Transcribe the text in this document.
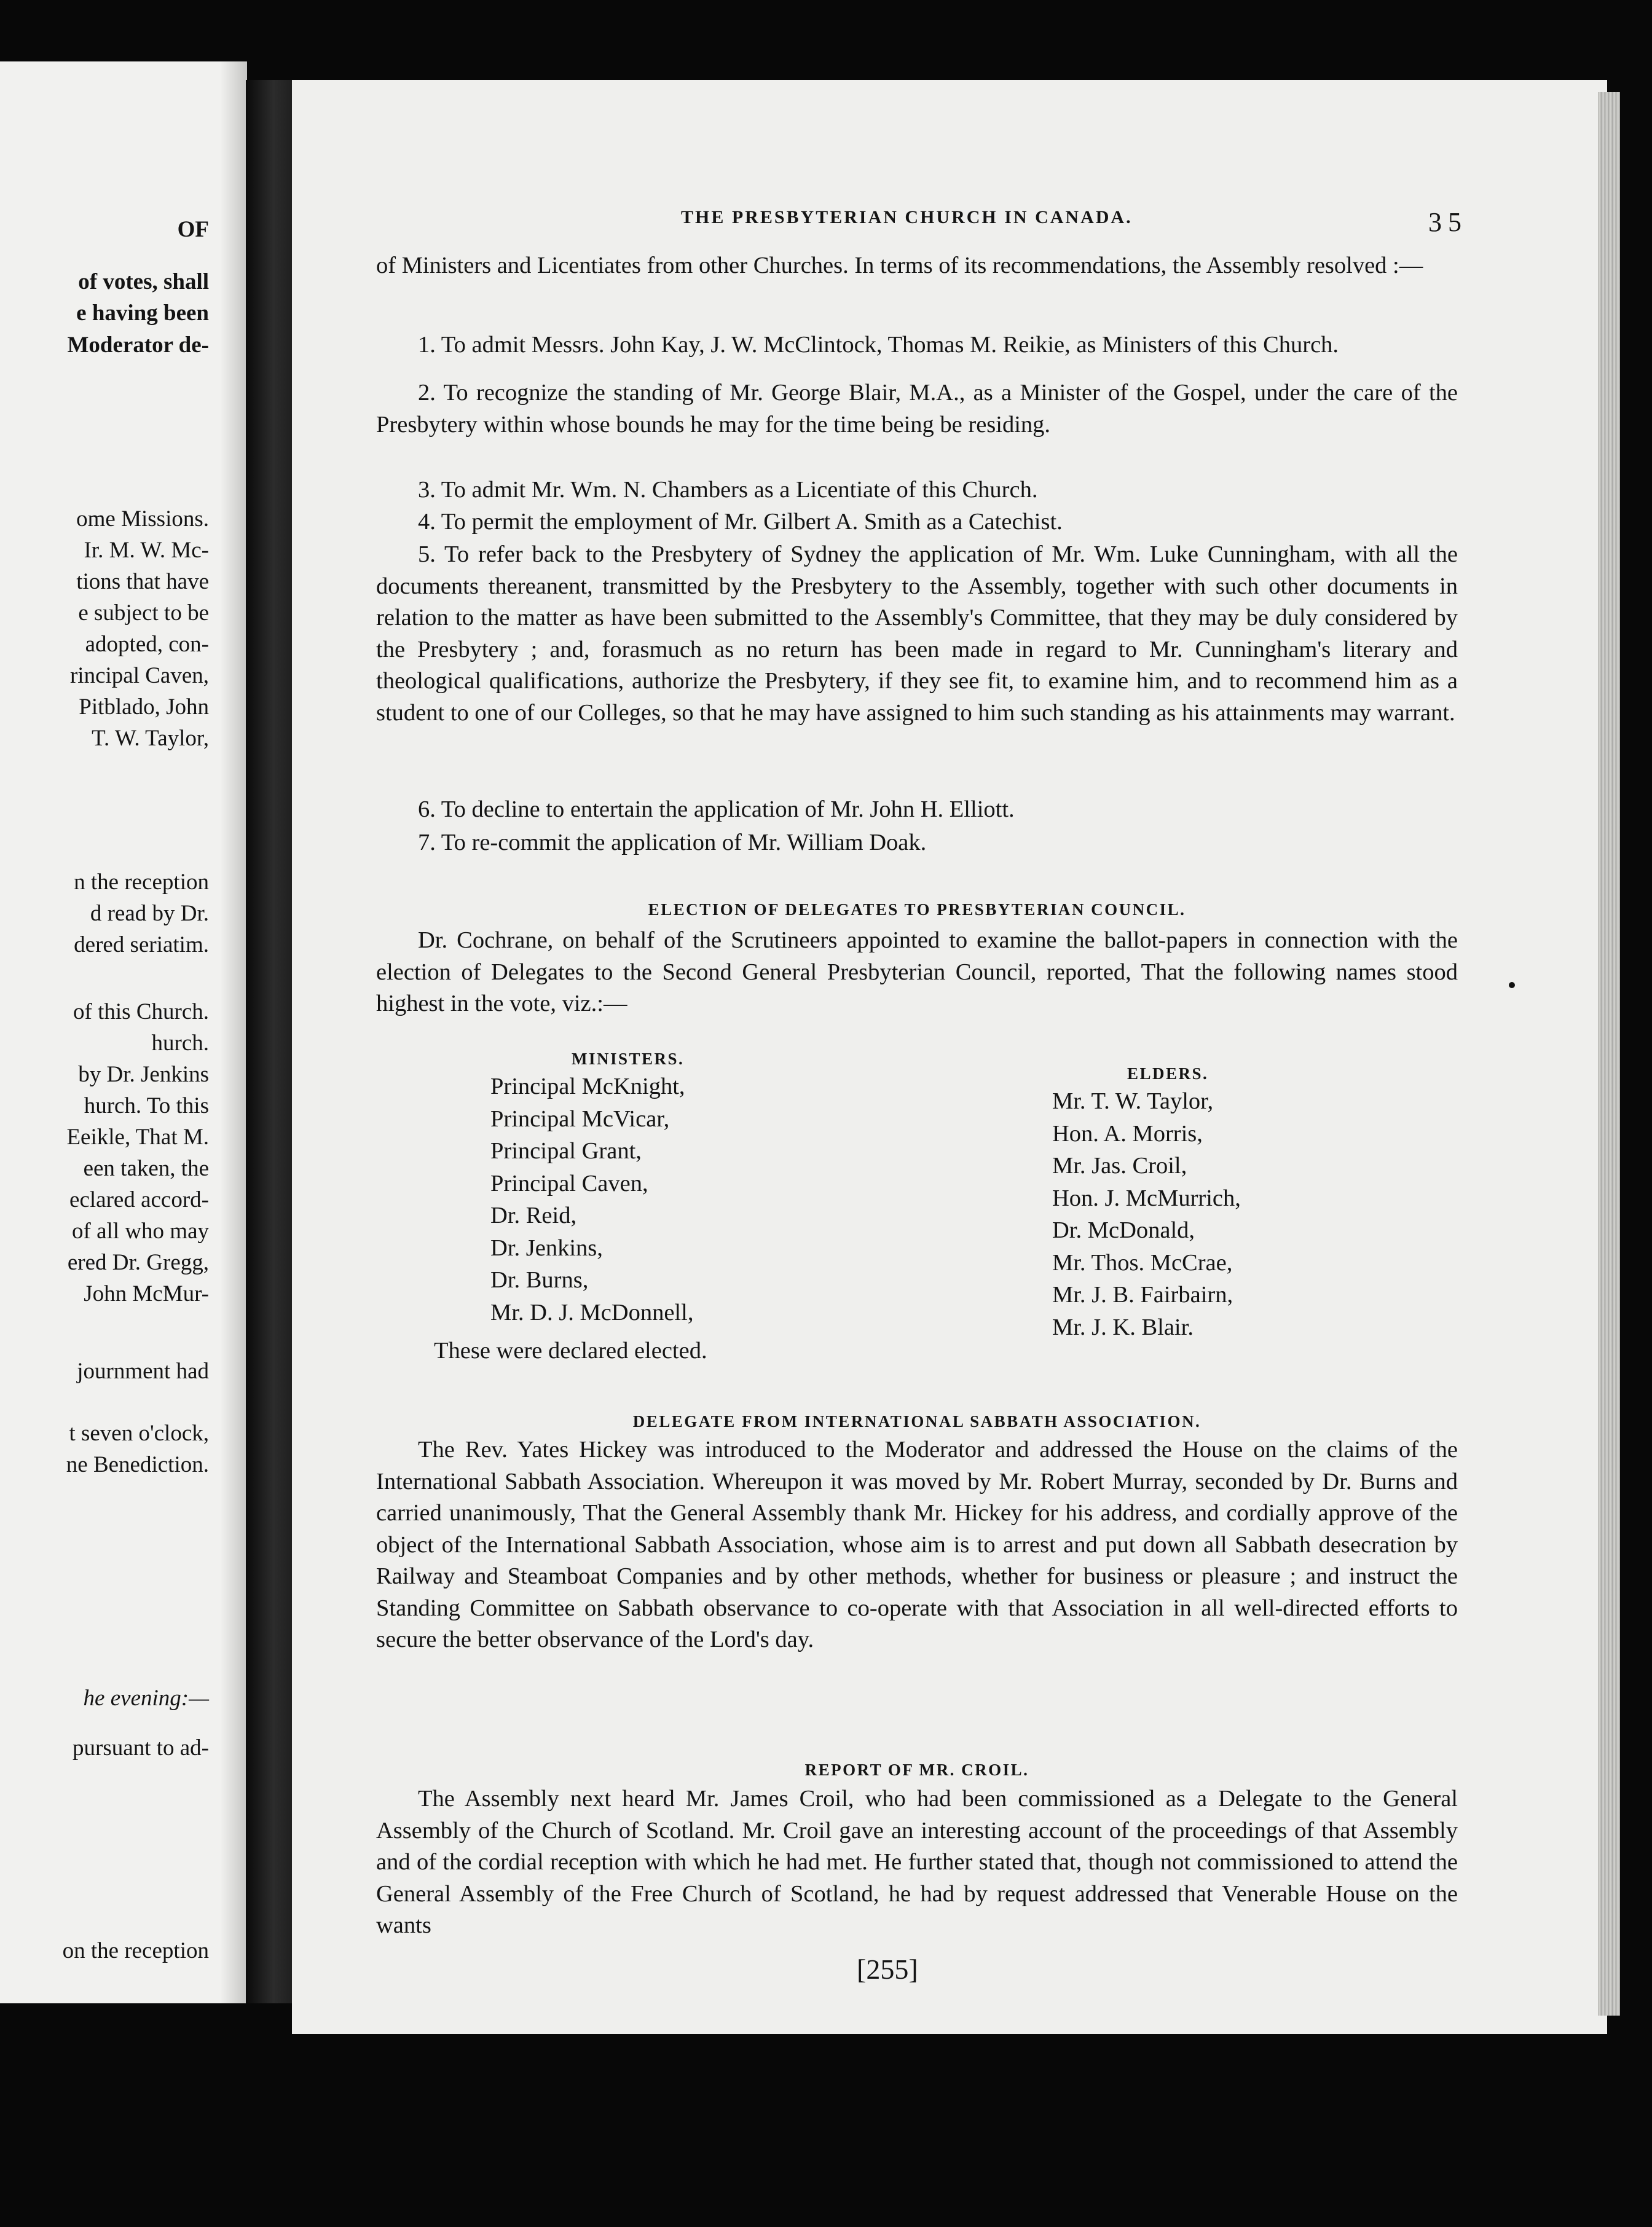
OF
of votes, shall
e having been
Moderator de-
ome Missions.
Ir. M. W. Mc-
tions that have
e subject to be
adopted, con-
rincipal Caven,
Pitblado, John
T. W. Taylor,
n the reception
d read by Dr.
dered seriatim.
of this Church.
hurch.
by Dr. Jenkins
hurch. To this
Eeikle, That M.
een taken, the
eclared accord-
of all who may
ered Dr. Gregg,
John McMur-
journment had
t seven o'clock,
ne Benediction.
he evening:—
pursuant to ad-
on the reception
THE PRESBYTERIAN CHURCH IN CANADA.	35

of Ministers and Licentiates from other Churches. In terms of its recommendations, the Assembly resolved :—

1. To admit Messrs. John Kay, J. W. McClintock, Thomas M. Reikie, as Ministers of this Church.

2. To recognize the standing of Mr. George Blair, M.A., as a Minister of the Gospel, under the care of the Presbytery within whose bounds he may for the time being be residing.

3. To admit Mr. Wm. N. Chambers as a Licentiate of this Church.

4. To permit the employment of Mr. Gilbert A. Smith as a Catechist.

5. To refer back to the Presbytery of Sydney the application of Mr. Wm. Luke Cunningham, with all the documents thereanent, transmitted by the Presbytery to the Assembly, together with such other documents in relation to the matter as have been submitted to the Assembly's Committee, that they may be duly considered by the Presbytery ; and, forasmuch as no return has been made in regard to Mr. Cunningham's literary and theological qualifications, authorize the Presbytery, if they see fit, to examine him, and to recommend him as a student to one of our Colleges, so that he may have assigned to him such standing as his attainments may warrant.

6. To decline to entertain the application of Mr. John H. Elliott.

7. To re-commit the application of Mr. William Doak.

ELECTION OF DELEGATES TO PRESBYTERIAN COUNCIL.

Dr. Cochrane, on behalf of the Scrutineers appointed to examine the ballot-papers in connection with the election of Delegates to the Second General Presbyterian Council, reported, That the following names stood highest in the vote, viz.:—

MINISTERS.
Principal McKnight,
Principal McVicar,
Principal Grant,
Principal Caven,
Dr. Reid,
Dr. Jenkins,
Dr. Burns,
Mr. D. J. McDonnell,
ELDERS.
Mr. T. W. Taylor,
Hon. A. Morris,
Mr. Jas. Croil,
Hon. J. McMurrich,
Dr. McDonald,
Mr. Thos. McCrae,
Mr. J. B. Fairbairn,
Mr. J. K. Blair.
These were declared elected.
DELEGATE FROM INTERNATIONAL SABBATH ASSOCIATION.

The Rev. Yates Hickey was introduced to the Moderator and addressed the House on the claims of the International Sabbath Association. Whereupon it was moved by Mr. Robert Murray, seconded by Dr. Burns and carried unanimously, That the General Assembly thank Mr. Hickey for his address, and cordially approve of the object of the International Sabbath Association, whose aim is to arrest and put down all Sabbath desecration by Railway and Steamboat Companies and by other methods, whether for business or pleasure ; and instruct the Standing Committee on Sabbath observance to co-operate with that Association in all well-directed efforts to secure the better observance of the Lord's day.

REPORT OF MR. CROIL.

The Assembly next heard Mr. James Croil, who had been commissioned as a Delegate to the General Assembly of the Church of Scotland. Mr. Croil gave an interesting account of the proceedings of that Assembly and of the cordial reception with which he had met. He further stated that, though not commissioned to attend the General Assembly of the Free Church of Scotland, he had by request addressed that Venerable House on the wants

[255]
